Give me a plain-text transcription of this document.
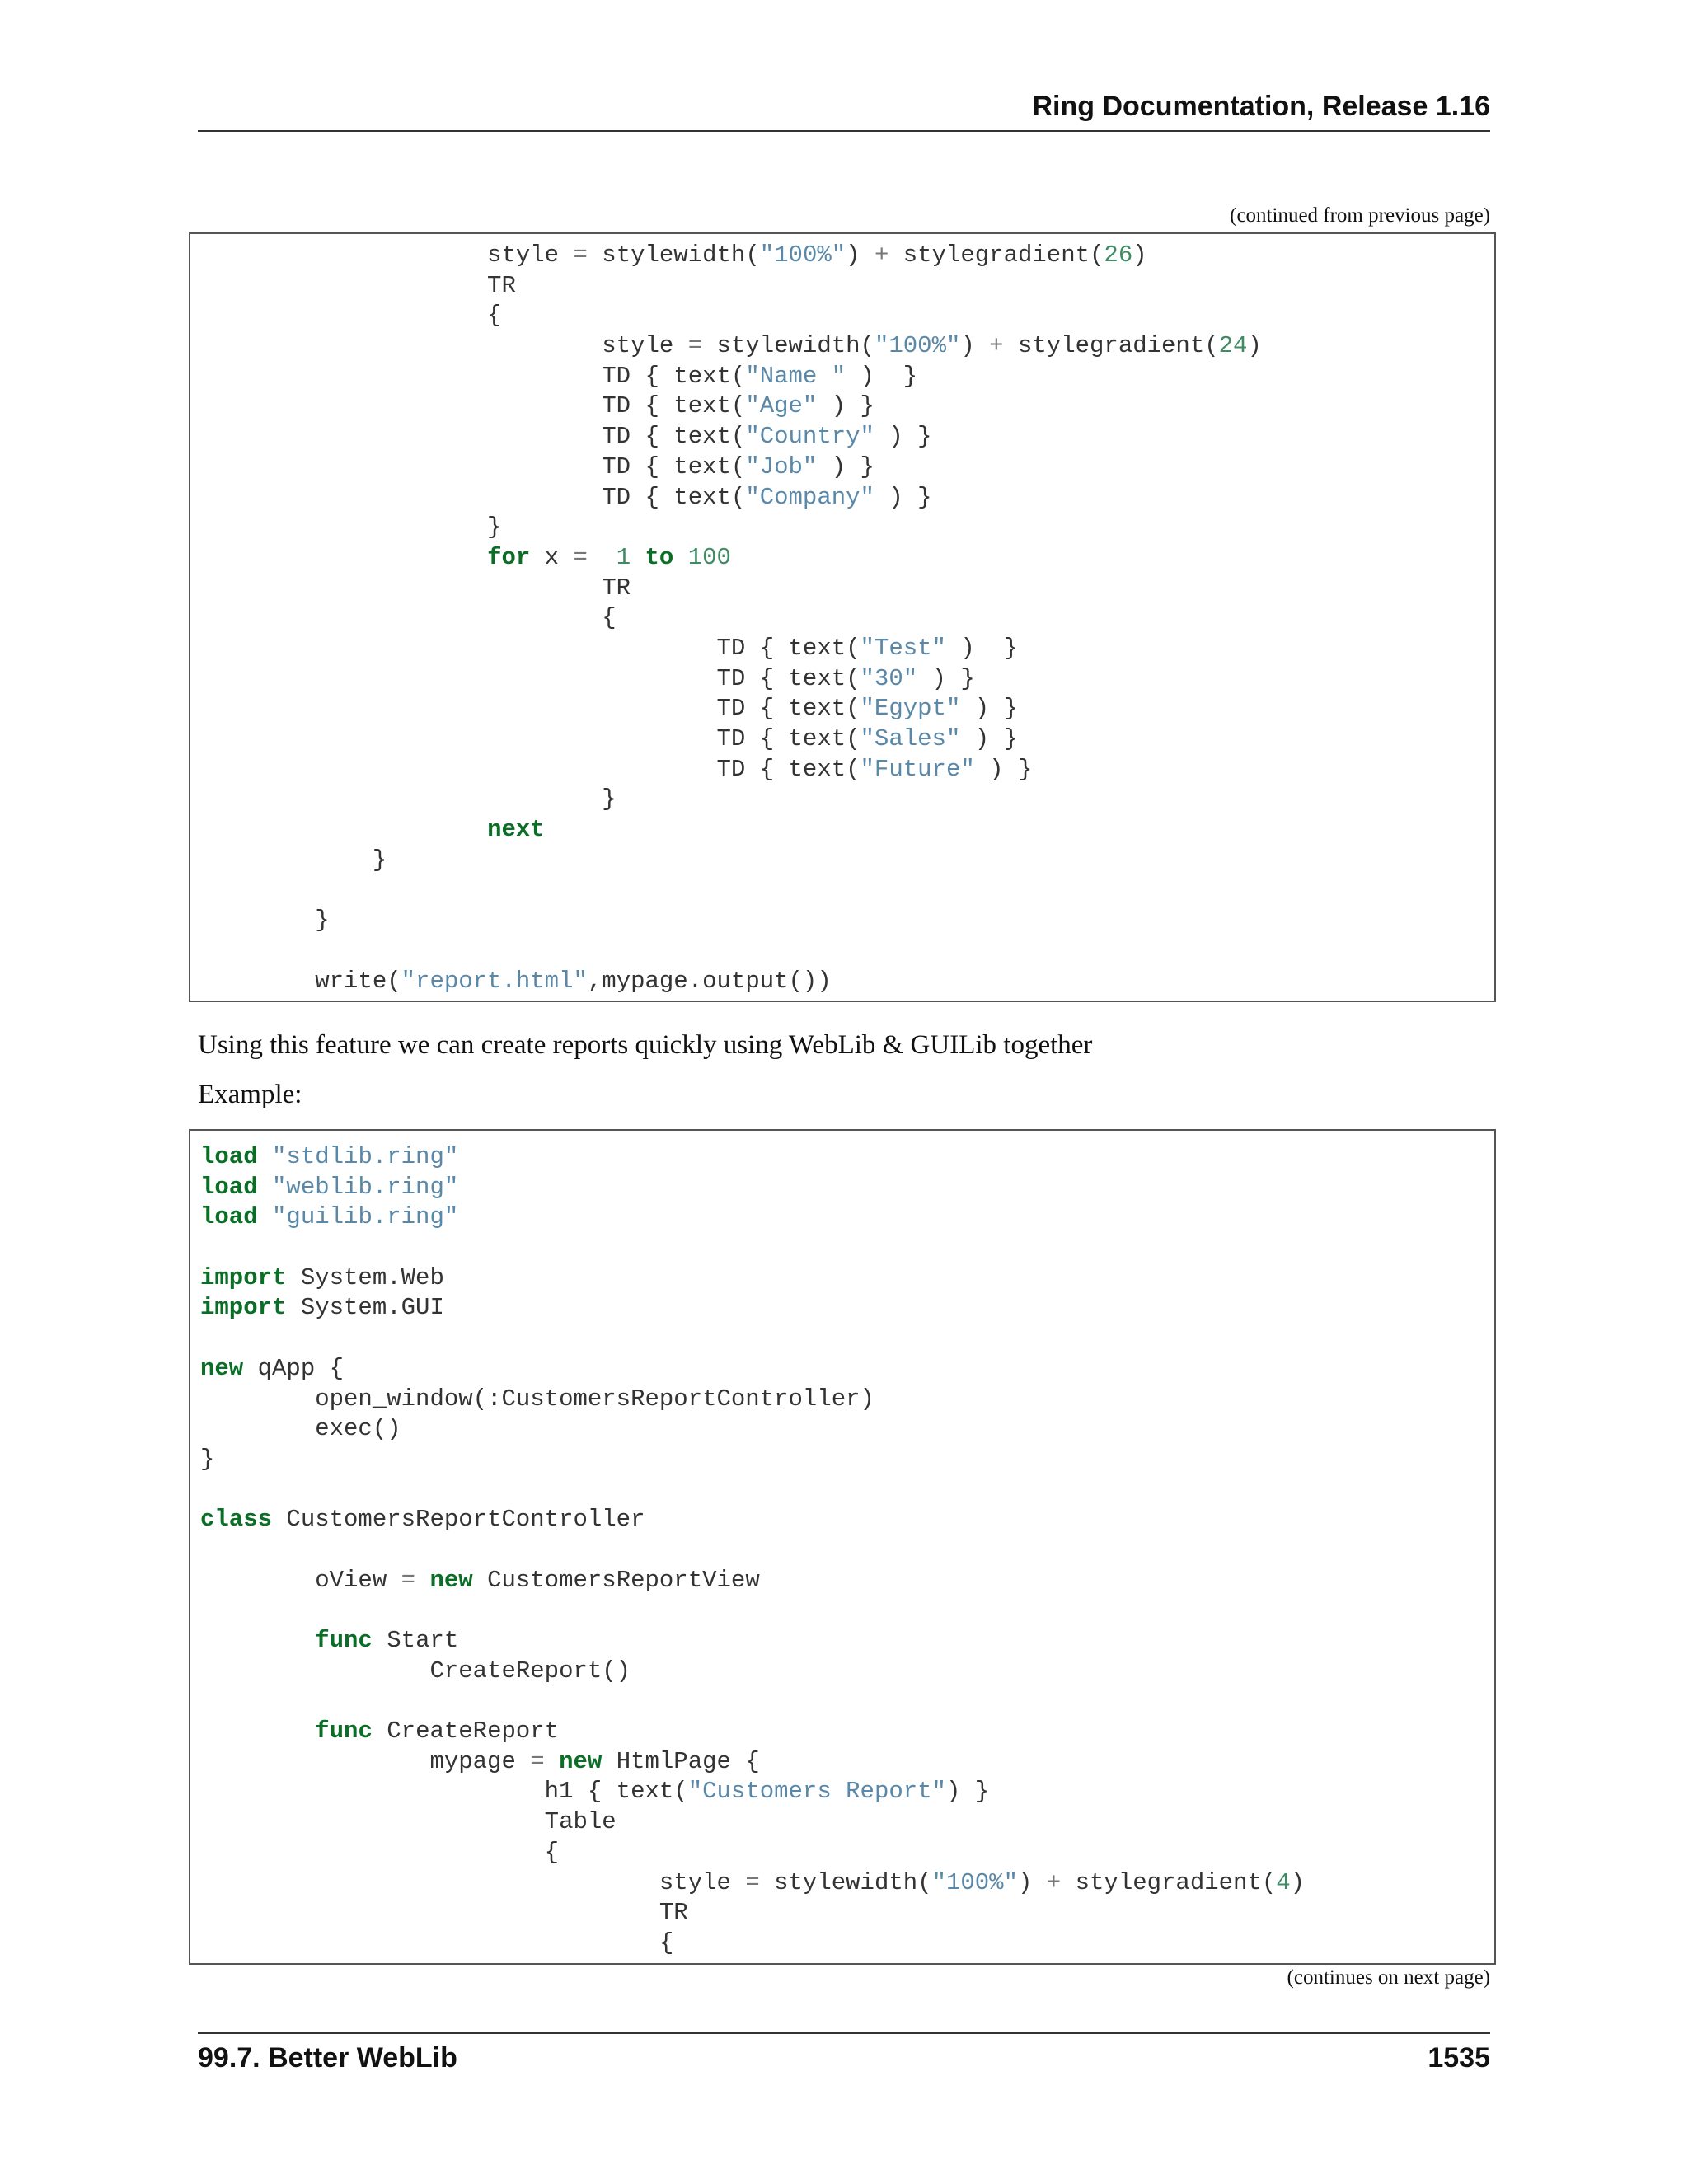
Ring Documentation, Release 1.16
(continued from previous page)
style = stylewidth("100%") + stylegradient(26)
TR
{
style = stylewidth("100%") + stylegradient(24)
TD { text("Name " )  }
TD { text("Age" ) }
TD { text("Country" ) }
TD { text("Job" ) }
TD { text("Company" ) }
}
for x = 1 to 100
TR
{
TD { text("Test" )  }
TD { text("30" ) }
TD { text("Egypt" ) }
TD { text("Sales" ) }
TD { text("Future" ) }
}
next
}
}
write("report.html",mypage.output())
Using this feature we can create reports quickly using WebLib & GUILib together
Example:
load "stdlib.ring"
load "weblib.ring"
load "guilib.ring"
import System.Web
import System.GUI
new qApp {
open_window(:CustomersReportController)
exec()
}
class CustomersReportController
oView = new CustomersReportView
func Start
CreateReport()
func CreateReport
mypage = new HtmlPage {
h1 { text("Customers Report") }
Table
{
style = stylewidth("100%") + stylegradient(4)
TR
{
(continues on next page)
99.7. Better WebLib	1535
